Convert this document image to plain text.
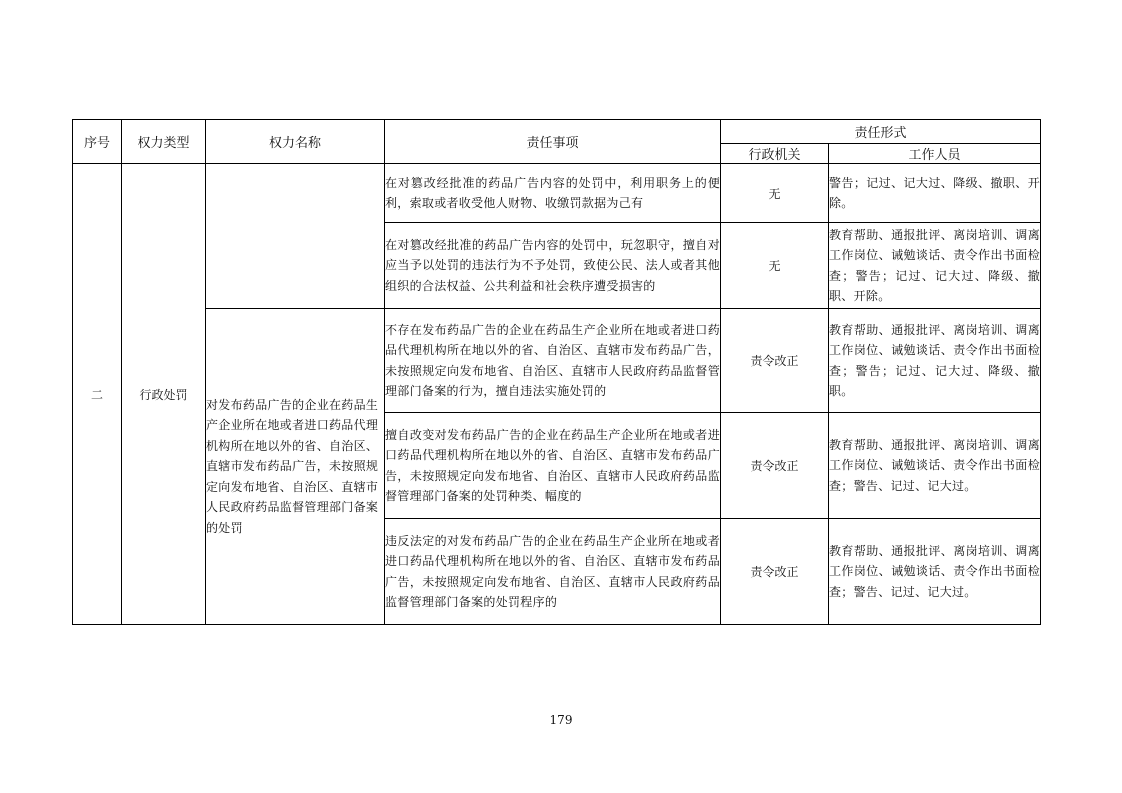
序号	权力类型	权力名称	责任事项	责任形式	
				行政机关	工作人员
二	行政处罚		在对篡改经批准的药品广告内容的处罚中，利用职务上的便利，索取或者收受他人财物、收缴罚款据为己有	无	警告；记过、记大过、降级、撤职、开除。
			在对篡改经批准的药品广告内容的处罚中，玩忽职守，擅自对应当予以处罚的违法行为不予处罚，致使公民、法人或者其他组织的合法权益、公共利益和社会秩序遭受损害的	无	教育帮助、通报批评、离岗培训、调离工作岗位、诫勉谈话、责令作出书面检查；警告；记过、记大过、降级、撤职、开除。
		对发布药品广告的企业在药品生产企业所在地或者进口药品代理机构所在地以外的省、自治区、直辖市发布药品广告，未按照规定向发布地省、自治区、直辖市人民政府药品监督管理部门备案的处罚	不存在发布药品广告的企业在药品生产企业所在地或者进口药品代理机构所在地以外的省、自治区、直辖市发布药品广告，未按照规定向发布地省、自治区、直辖市人民政府药品监督管理部门备案的行为，擅自违法实施处罚的	责令改正	教育帮助、通报批评、离岗培训、调离工作岗位、诫勉谈话、责令作出书面检查；警告；记过、记大过、降级、撤职。
			擅自改变对发布药品广告的企业在药品生产企业所在地或者进口药品代理机构所在地以外的省、自治区、直辖市发布药品广告，未按照规定向发布地省、自治区、直辖市人民政府药品监督管理部门备案的处罚种类、幅度的	责令改正	教育帮助、通报批评、离岗培训、调离工作岗位、诫勉谈话、责令作出书面检查；警告、记过、记大过。
			违反法定的对发布药品广告的企业在药品生产企业所在地或者进口药品代理机构所在地以外的省、自治区、直辖市发布药品广告，未按照规定向发布地省、自治区、直辖市人民政府药品监督管理部门备案的处罚程序的	责令改正	教育帮助、通报批评、离岗培训、调离工作岗位、诫勉谈话、责令作出书面检查；警告、记过、记大过。
179
